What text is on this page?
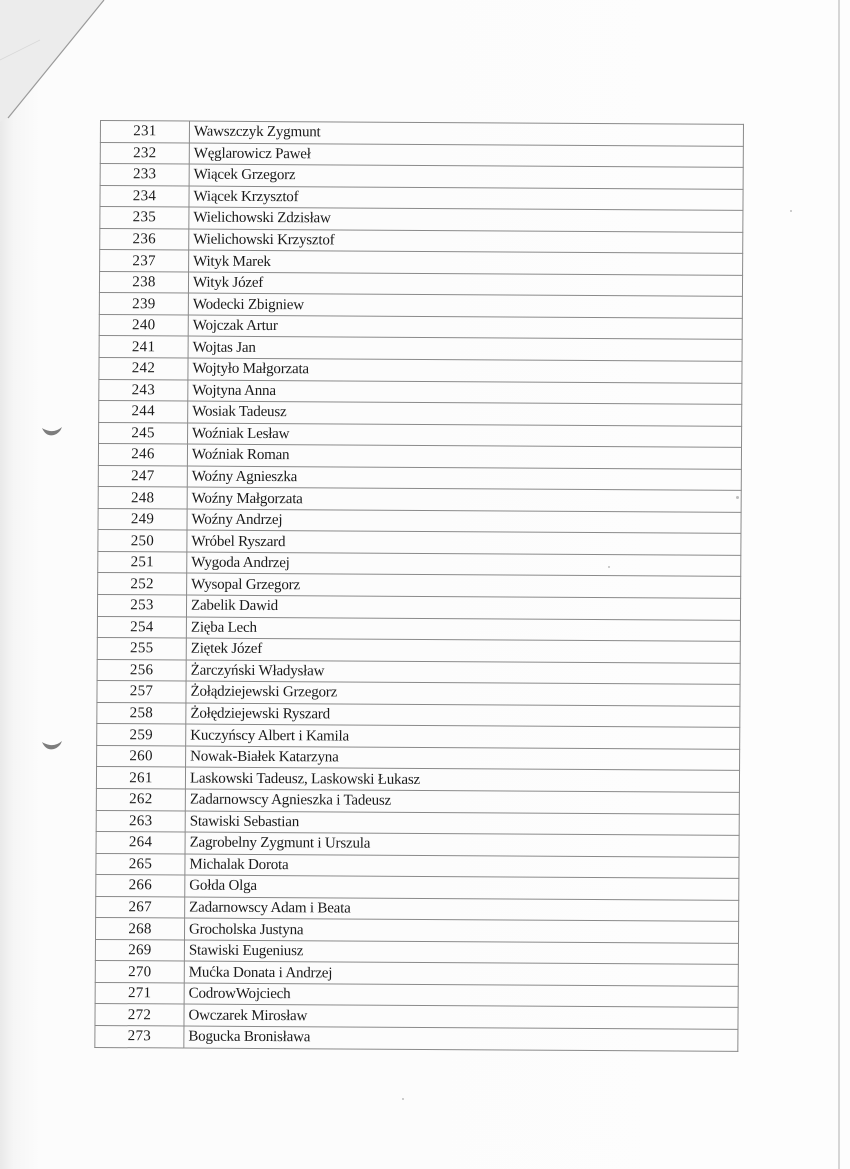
231	Wawszczyk Zygmunt
232	Węglarowicz Paweł
233	Wiącek Grzegorz
234	Wiącek Krzysztof
235	Wielichowski Zdzisław
236	Wielichowski Krzysztof
237	Wityk Marek
238	Wityk Józef
239	Wodecki Zbigniew
240	Wojczak Artur
241	Wojtas Jan
242	Wojtyło Małgorzata
243	Wojtyna Anna
244	Wosiak Tadeusz
245	Woźniak Lesław
246	Woźniak Roman
247	Woźny Agnieszka
248	Woźny Małgorzata
249	Woźny Andrzej
250	Wróbel Ryszard
251	Wygoda Andrzej
252	Wysopal Grzegorz
253	Zabelik Dawid
254	Zięba Lech
255	Ziętek Józef
256	Żarczyński Władysław
257	Żołądziejewski Grzegorz
258	Żołędziejewski Ryszard
259	Kuczyńscy Albert i Kamila
260	Nowak-Białek Katarzyna
261	Laskowski Tadeusz, Laskowski Łukasz
262	Zadarnowscy Agnieszka i Tadeusz
263	Stawiski Sebastian
264	Zagrobelny Zygmunt i Urszula
265	Michalak Dorota
266	Gołda Olga
267	Zadarnowscy Adam i Beata
268	Grocholska Justyna
269	Stawiski Eugeniusz
270	Mućka Donata i Andrzej
271	CodrowWojciech
272	Owczarek Mirosław
273	Bogucka Bronisława
